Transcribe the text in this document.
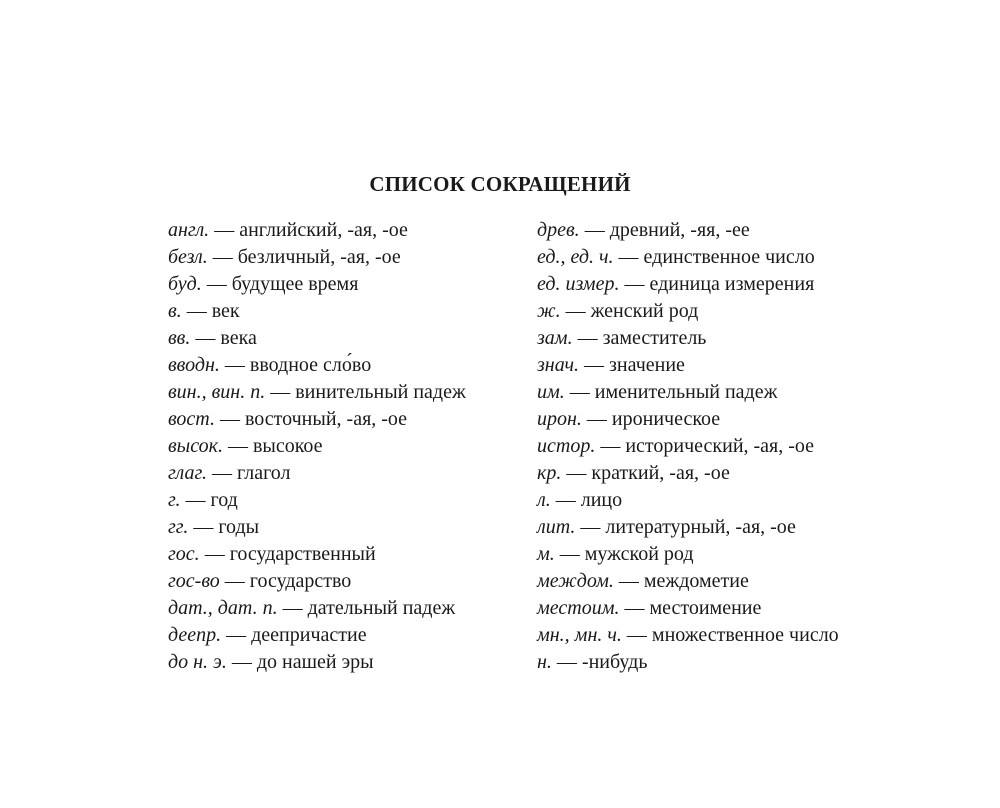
СПИСОК СОКРАЩЕНИЙ
англ. — английский, -ая, -ое
безл. — безличный, -ая, -ое
буд. — будущее время
в. — век
вв. — века
вводн. — вводное сло́во
вин., вин. п. — винительный падеж
вост. — восточный, -ая, -ое
высок. — высокое
глаг. — глагол
г. — год
гг. — годы
гос. — государственный
гос-во — государство
дат., дат. п. — дательный падеж
деепр. — деепричастие
до н. э. — до нашей эры
древ. — древний, -яя, -ее
ед., ед. ч. — единственное число
ед. измер. — единица измерения
ж. — женский род
зам. — заместитель
знач. — значение
им. — именительный падеж
ирон. — ироническое
истор. — исторический, -ая, -ое
кр. — краткий, -ая, -ое
л. — лицо
лит. — литературный, -ая, -ое
м. — мужской род
междом. — междометие
местоим. — местоимение
мн., мн. ч. — множественное число
н. — -нибудь
